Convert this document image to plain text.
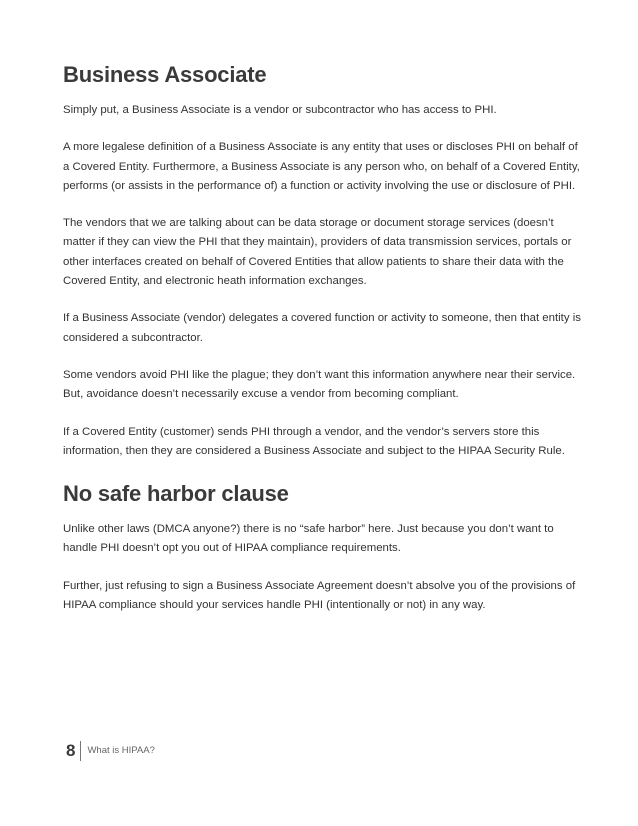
Business Associate

Simply put, a Business Associate is a vendor or subcontractor who has access to PHI.

A more legalese definition of a Business Associate is any entity that uses or discloses PHI on behalf of a Covered Entity. Furthermore, a Business Associate is any person who, on behalf of a Covered Entity, performs (or assists in the performance of) a function or activity involving the use or disclosure of PHI.

The vendors that we are talking about can be data storage or document storage services (doesn’t matter if they can view the PHI that they maintain), providers of data transmission services, portals or other interfaces created on behalf of Covered Entities that allow patients to share their data with the Covered Entity, and electronic heath information exchanges.

If a Business Associate (vendor) delegates a covered function or activity to someone, then that entity is considered a subcontractor.

Some vendors avoid PHI like the plague; they don’t want this information anywhere near their service. But, avoidance doesn’t necessarily excuse a vendor from becoming compliant.

If a Covered Entity (customer) sends PHI through a vendor, and the vendor’s servers store this information, then they are considered a Business Associate and subject to the HIPAA Security Rule.

No safe harbor clause

Unlike other laws (DMCA anyone?) there is no “safe harbor” here. Just because you don’t want to handle PHI doesn’t opt you out of HIPAA compliance requirements.

Further, just refusing to sign a Business Associate Agreement doesn’t absolve you of the provisions of HIPAA compliance should your services handle PHI (intentionally or not) in any way.

8 What is HIPAA?
